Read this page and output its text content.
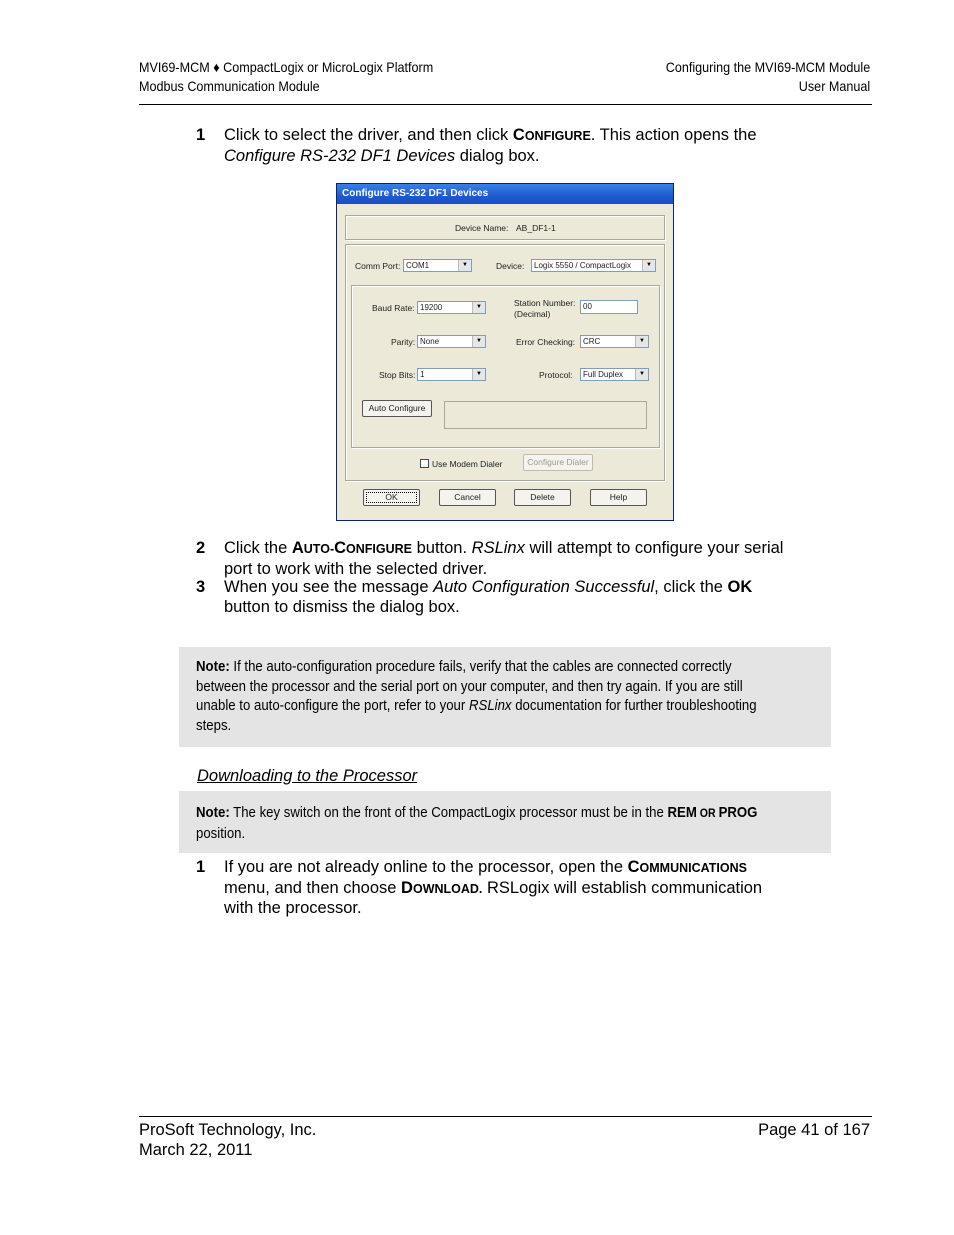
MVI69-MCM ♦ CompactLogix or MicroLogix Platform
Modbus Communication Module
Configuring the MVI69-MCM Module
User Manual
1 Click to select the driver, and then click CONFIGURE. This action opens the Configure RS-232 DF1 Devices dialog box.
Configure RS-232 DF1 Devices
Device Name: AB_DF1-1
Comm Port: COM1	▼	Device:	Logix 5550 / CompactLogix	▼
Baud Rate: 19200	▼	Station Number:
(Decimal)
00
Parity: None	▼	Error Checking: CRC	▼
Stop Bits: 1	▼	Protocol:	Full Duplex	▼
Auto Configure
Use Modem Dialer	Configure Dialer
OK	Cancel	Delete	Help
2 Click the AUTO-CONFIGURE button. RSLinx will attempt to configure your serial port to work with the selected driver.
3 When you see the message Auto Configuration Successful, click the OK button to dismiss the dialog box.
Note: If the auto-configuration procedure fails, verify that the cables are connected correctly between the processor and the serial port on your computer, and then try again. If you are still unable to auto-configure the port, refer to your RSLinx documentation for further troubleshooting steps.
Downloading to the Processor
Note: The key switch on the front of the CompactLogix processor must be in the REM OR PROG position.
1 If you are not already online to the processor, open the COMMUNICATIONS menu, and then choose DOWNLOAD. RSLogix will establish communication with the processor.
ProSoft Technology, Inc.
March 22, 2011
Page 41 of 167
